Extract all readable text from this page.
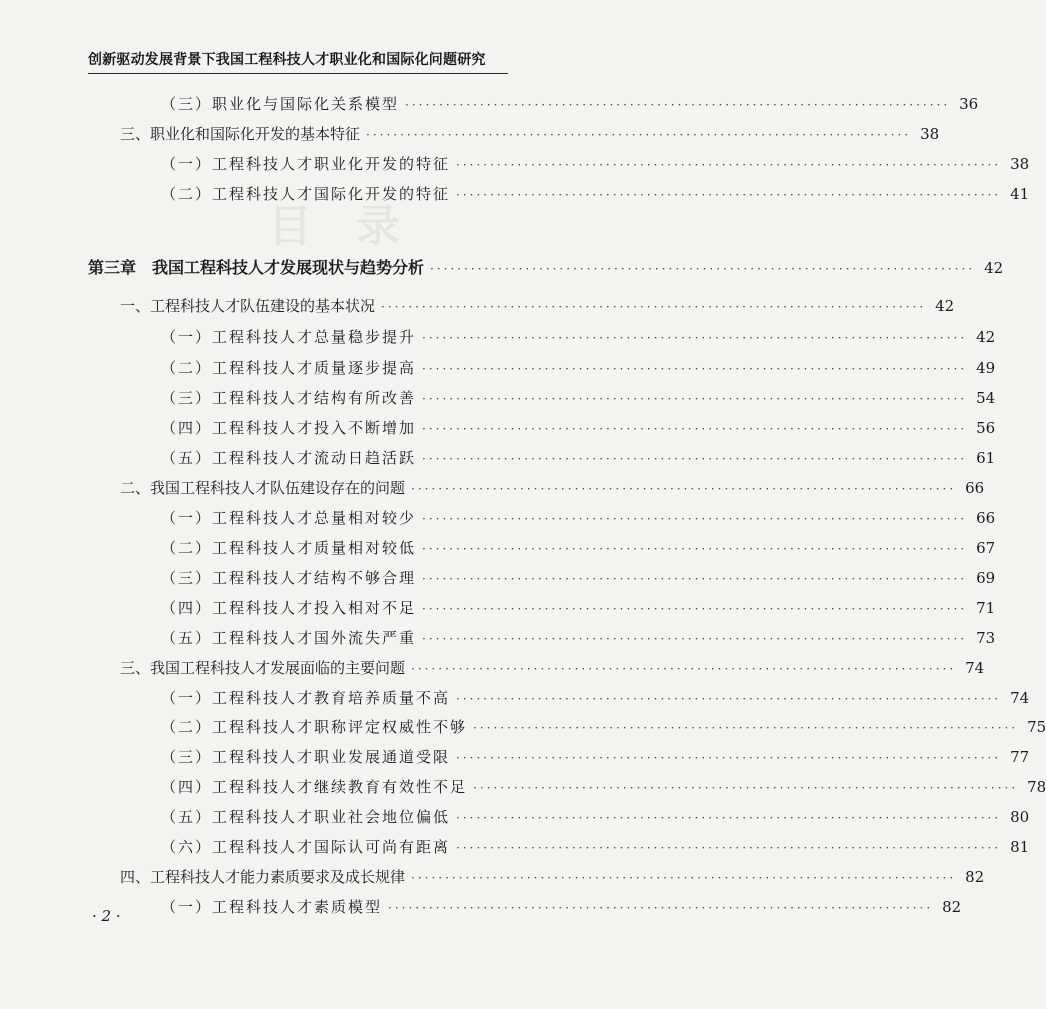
创新驱动发展背景下我国工程科技人才职业化和国际化问题研究
目　录
（三）职业化与国际化关系模型 ················································································ 36
三、职业化和国际化开发的基本特征 ················································································ 38
（一）工程科技人才职业化开发的特征 ················································································ 38
（二）工程科技人才国际化开发的特征 ················································································ 41
第三章　我国工程科技人才发展现状与趋势分析 ················································································ 42
一、工程科技人才队伍建设的基本状况 ················································································ 42
（一）工程科技人才总量稳步提升 ················································································ 42
（二）工程科技人才质量逐步提高 ················································································ 49
（三）工程科技人才结构有所改善 ················································································ 54
（四）工程科技人才投入不断增加 ················································································ 56
（五）工程科技人才流动日趋活跃 ················································································ 61
二、我国工程科技人才队伍建设存在的问题 ················································································ 66
（一）工程科技人才总量相对较少 ················································································ 66
（二）工程科技人才质量相对较低 ················································································ 67
（三）工程科技人才结构不够合理 ················································································ 69
（四）工程科技人才投入相对不足 ················································································ 71
（五）工程科技人才国外流失严重 ················································································ 73
三、我国工程科技人才发展面临的主要问题 ················································································ 74
（一）工程科技人才教育培养质量不高 ················································································ 74
（二）工程科技人才职称评定权威性不够 ················································································ 75
（三）工程科技人才职业发展通道受限 ················································································ 77
（四）工程科技人才继续教育有效性不足 ················································································ 78
（五）工程科技人才职业社会地位偏低 ················································································ 80
（六）工程科技人才国际认可尚有距离 ················································································ 81
四、工程科技人才能力素质要求及成长规律 ················································································ 82
（一）工程科技人才素质模型 ················································································ 82
· 2 ·
